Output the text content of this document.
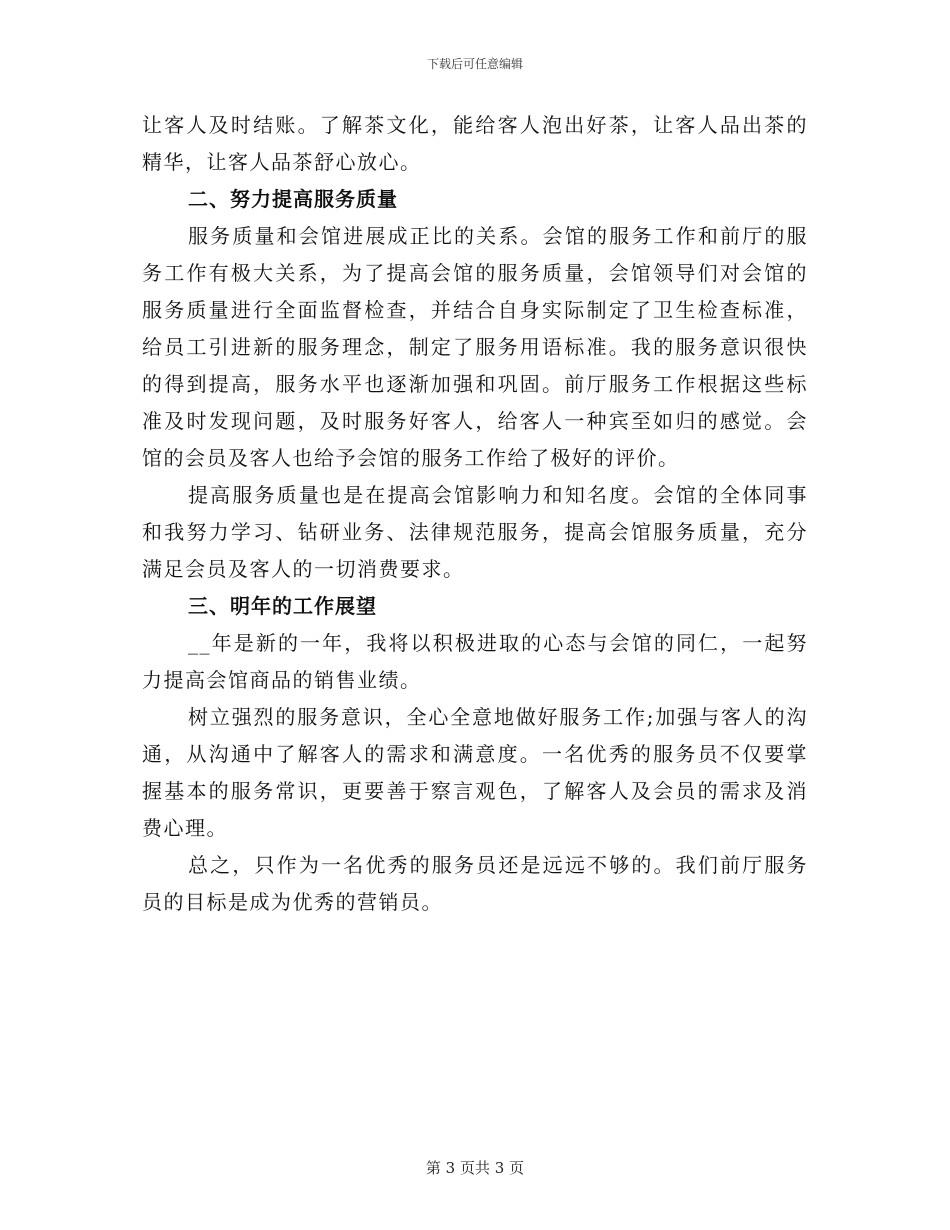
下载后可任意编辑

让客人及时结账。了解茶文化，能给客人泡出好茶，让客人品出茶的精华，让客人品茶舒心放心。

二、努力提高服务质量

服务质量和会馆进展成正比的关系。会馆的服务工作和前厅的服务工作有极大关系，为了提高会馆的服务质量，会馆领导们对会馆的服务质量进行全面监督检查，并结合自身实际制定了卫生检查标准，给员工引进新的服务理念，制定了服务用语标准。我的服务意识很快的得到提高，服务水平也逐渐加强和巩固。前厅服务工作根据这些标准及时发现问题，及时服务好客人，给客人一种宾至如归的感觉。会馆的会员及客人也给予会馆的服务工作给了极好的评价。

提高服务质量也是在提高会馆影响力和知名度。会馆的全体同事和我努力学习、钻研业务、法律规范服务，提高会馆服务质量，充分满足会员及客人的一切消费要求。

三、明年的工作展望

__年是新的一年，我将以积极进取的心态与会馆的同仁，一起努力提高会馆商品的销售业绩。

树立强烈的服务意识，全心全意地做好服务工作;加强与客人的沟通，从沟通中了解客人的需求和满意度。一名优秀的服务员不仅要掌握基本的服务常识，更要善于察言观色，了解客人及会员的需求及消费心理。

总之，只作为一名优秀的服务员还是远远不够的。我们前厅服务员的目标是成为优秀的营销员。

第 3 页共 3 页
